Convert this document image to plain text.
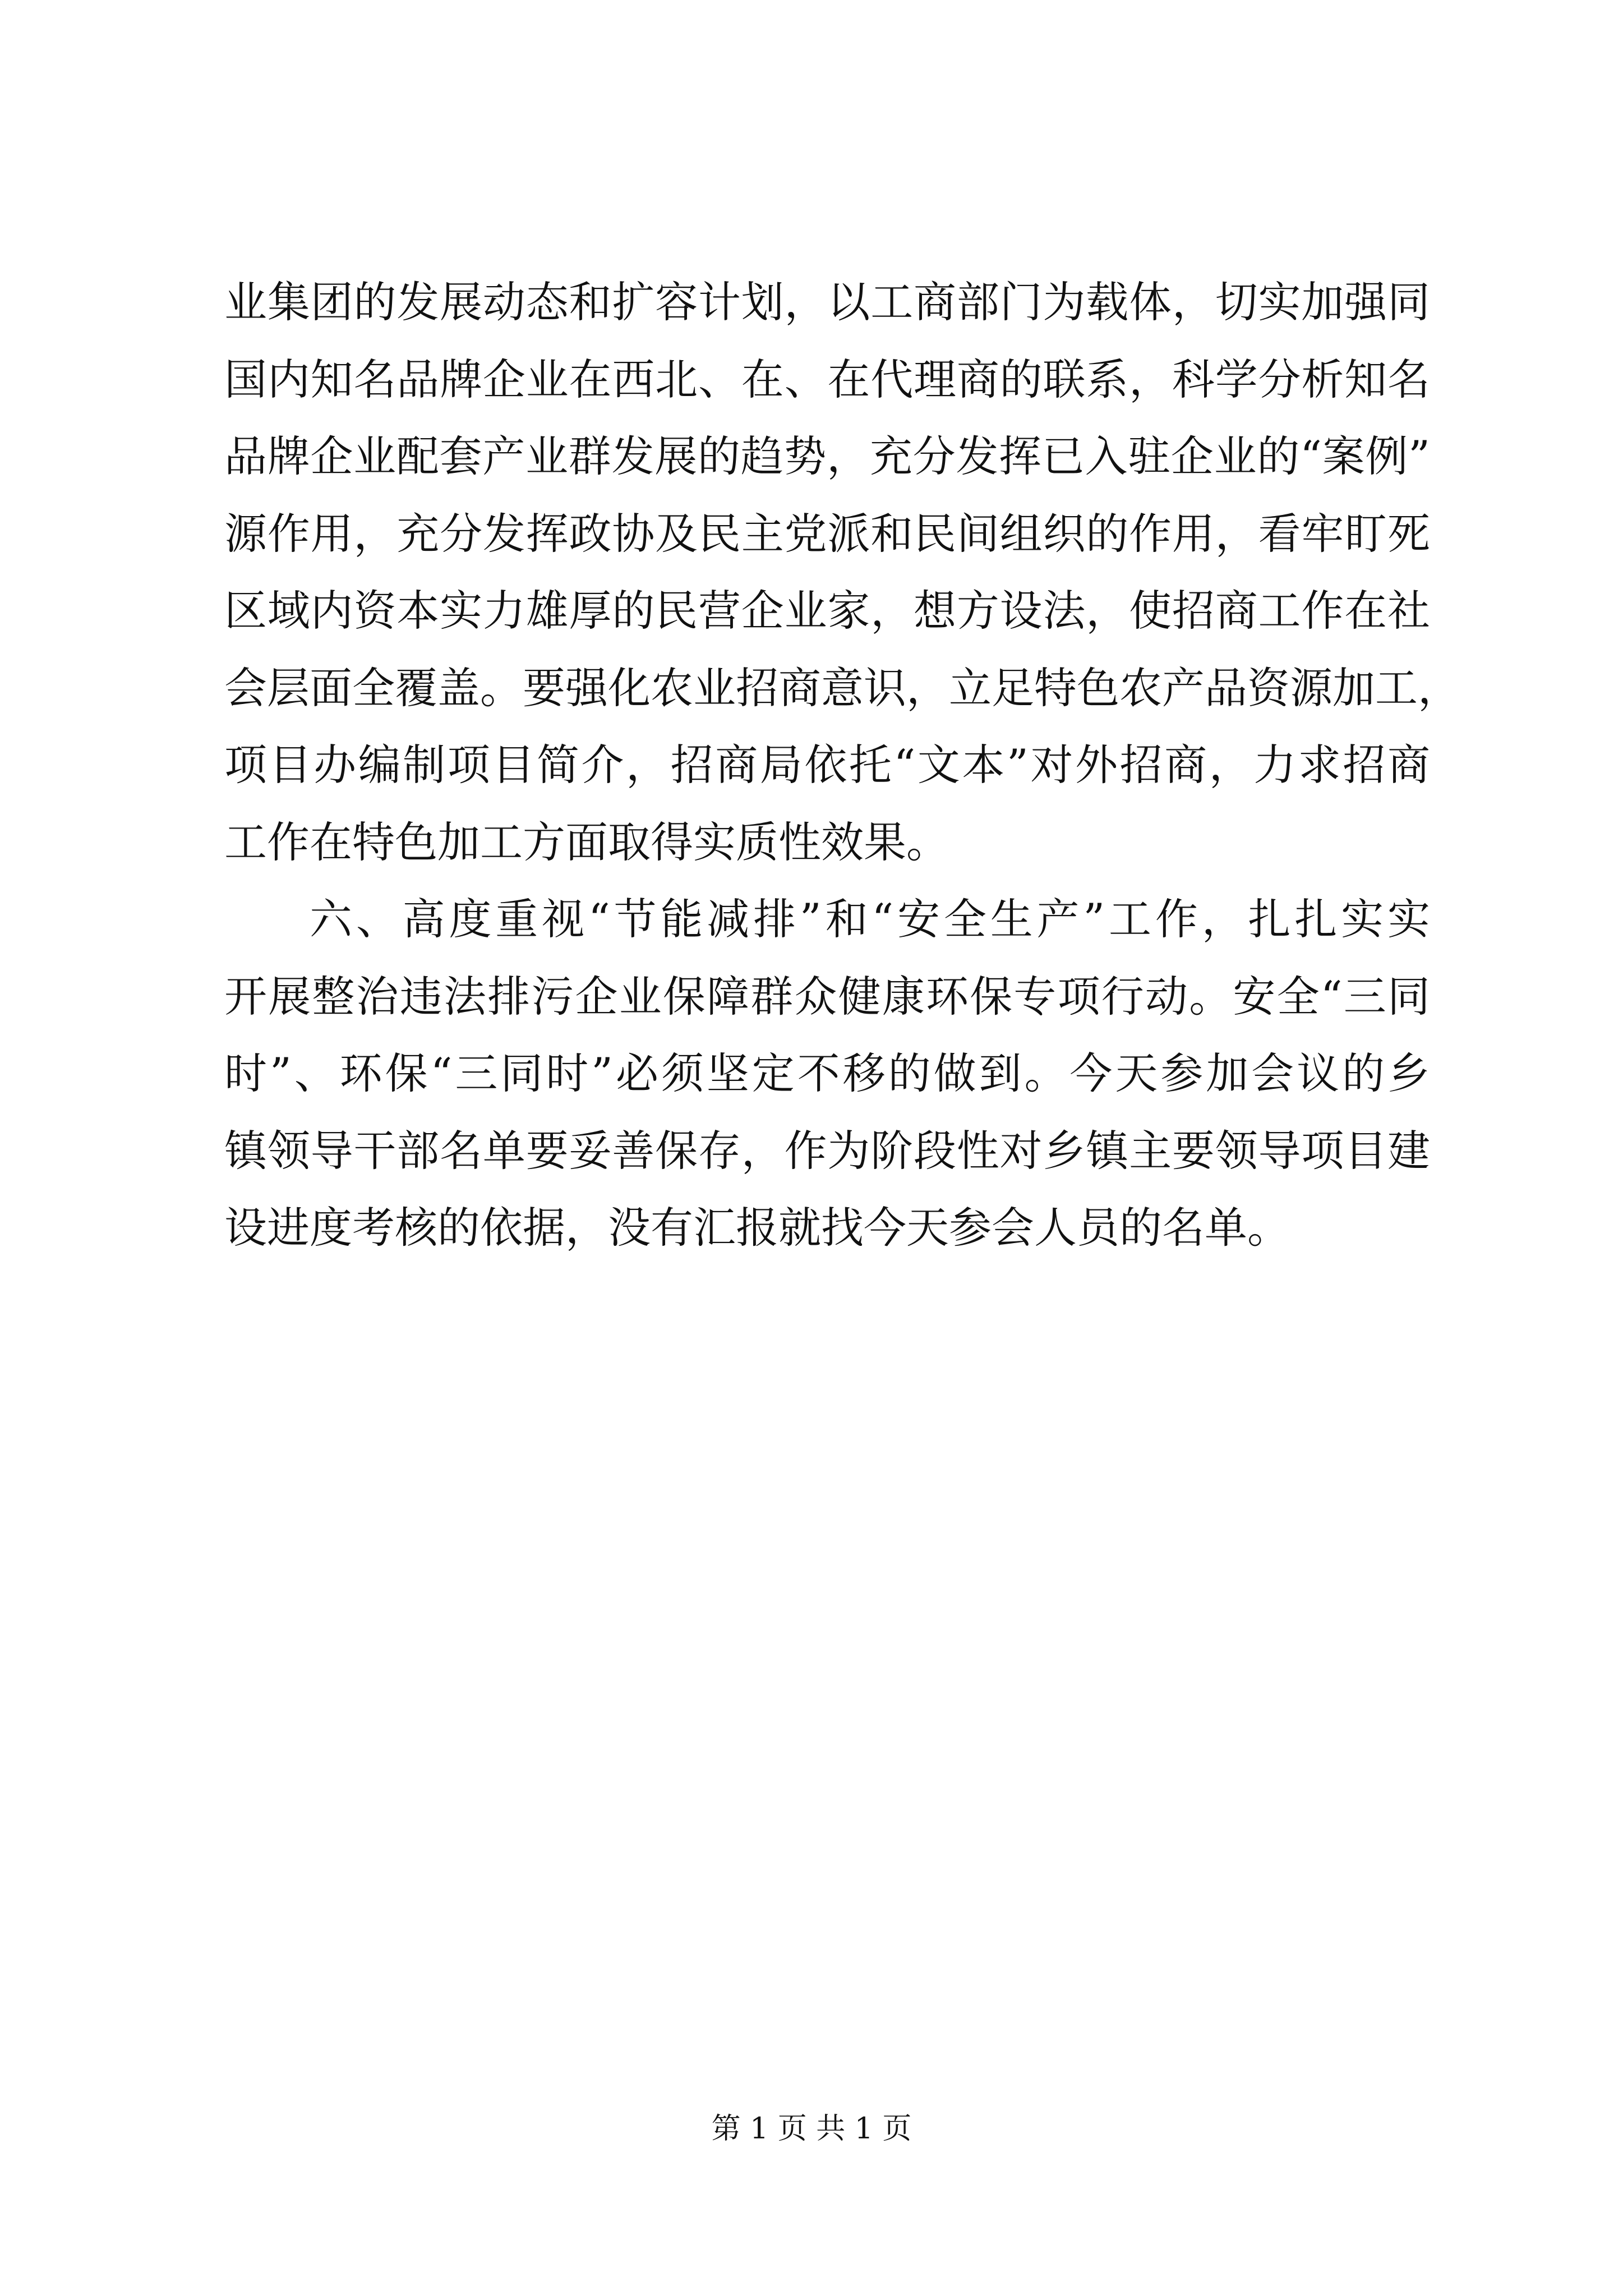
业集团的发展动态和扩容计划，以工商部门为载体，切实加强同
国内知名品牌企业在西北、在、在代理商的联系，科学分析知名
品牌企业配套产业群发展的趋势，充分发挥已入驻企业的“案例”
源作用，充分发挥政协及民主党派和民间组织的作用，看牢盯死
区域内资本实力雄厚的民营企业家，想方设法，使招商工作在社
会层面全覆盖。要强化农业招商意识，立足特色农产品资源加工，
项目办编制项目简介，招商局依托“文本”对外招商，力求招商
工作在特色加工方面取得实质性效果。

六、高度重视“节能减排”和“安全生产”工作，扎扎实实
开展整治违法排污企业保障群众健康环保专项行动。安全“三同
时”、环保“三同时”必须坚定不移的做到。今天参加会议的乡
镇领导干部名单要妥善保存，作为阶段性对乡镇主要领导项目建
设进度考核的依据，没有汇报就找今天参会人员的名单。

第 1 页 共 1 页
